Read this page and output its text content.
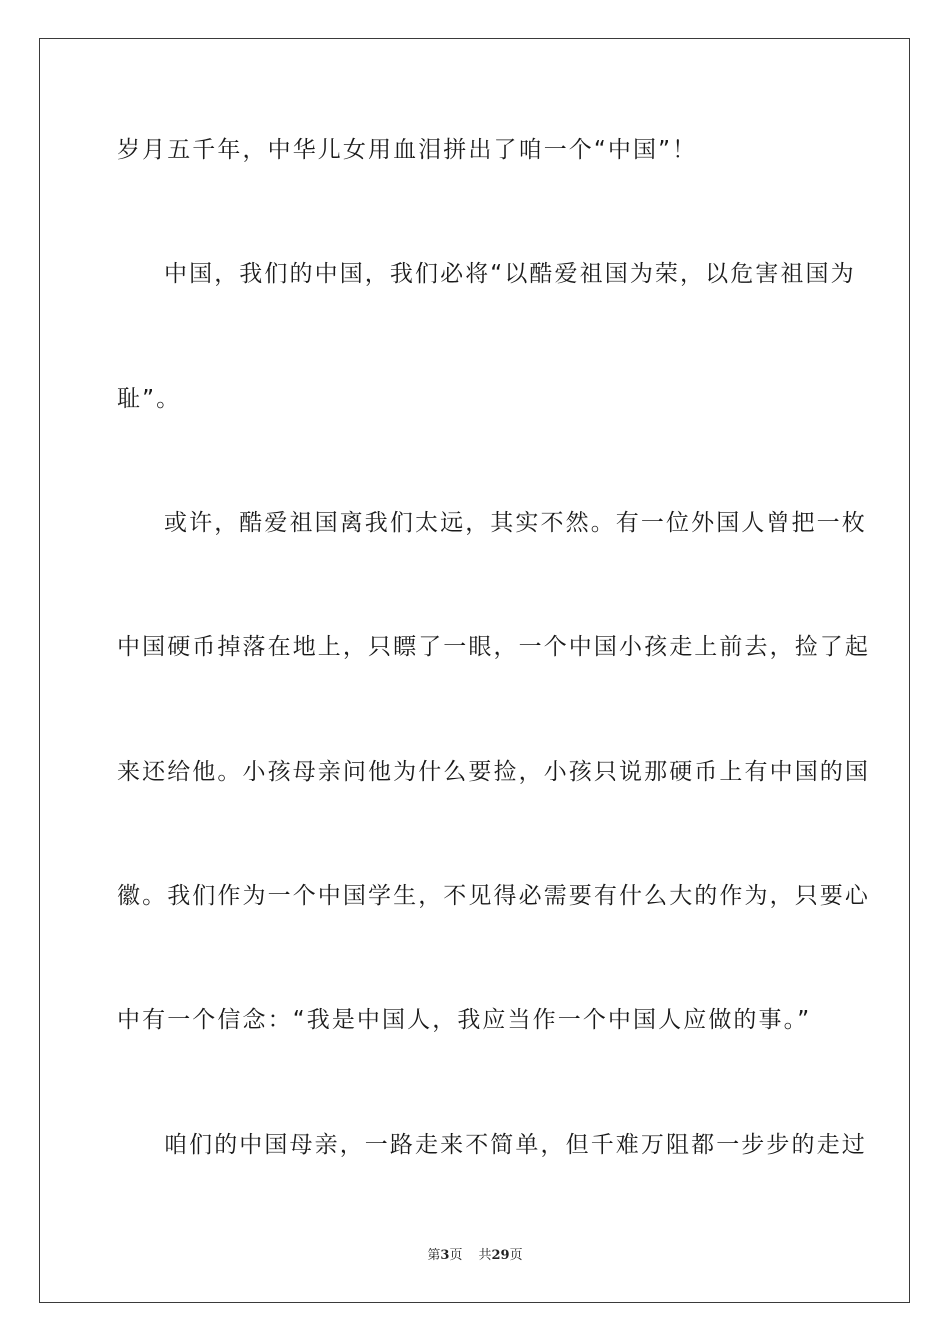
岁月五千年，中华儿女用血泪拼出了咱一个“中国”！
中国，我们的中国，我们必将“以酷爱祖国为荣，以危害祖国为
耻”。
或许，酷爱祖国离我们太远，其实不然。有一位外国人曾把一枚
中国硬币掉落在地上，只瞟了一眼，一个中国小孩走上前去，捡了起
来还给他。小孩母亲问他为什么要捡，小孩只说那硬币上有中国的国
徽。我们作为一个中国学生，不见得必需要有什么大的作为，只要心
中有一个信念：“我是中国人，我应当作一个中国人应做的事。”
咱们的中国母亲，一路走来不简单，但千难万阻都一步步的走过
第3页 共29页
